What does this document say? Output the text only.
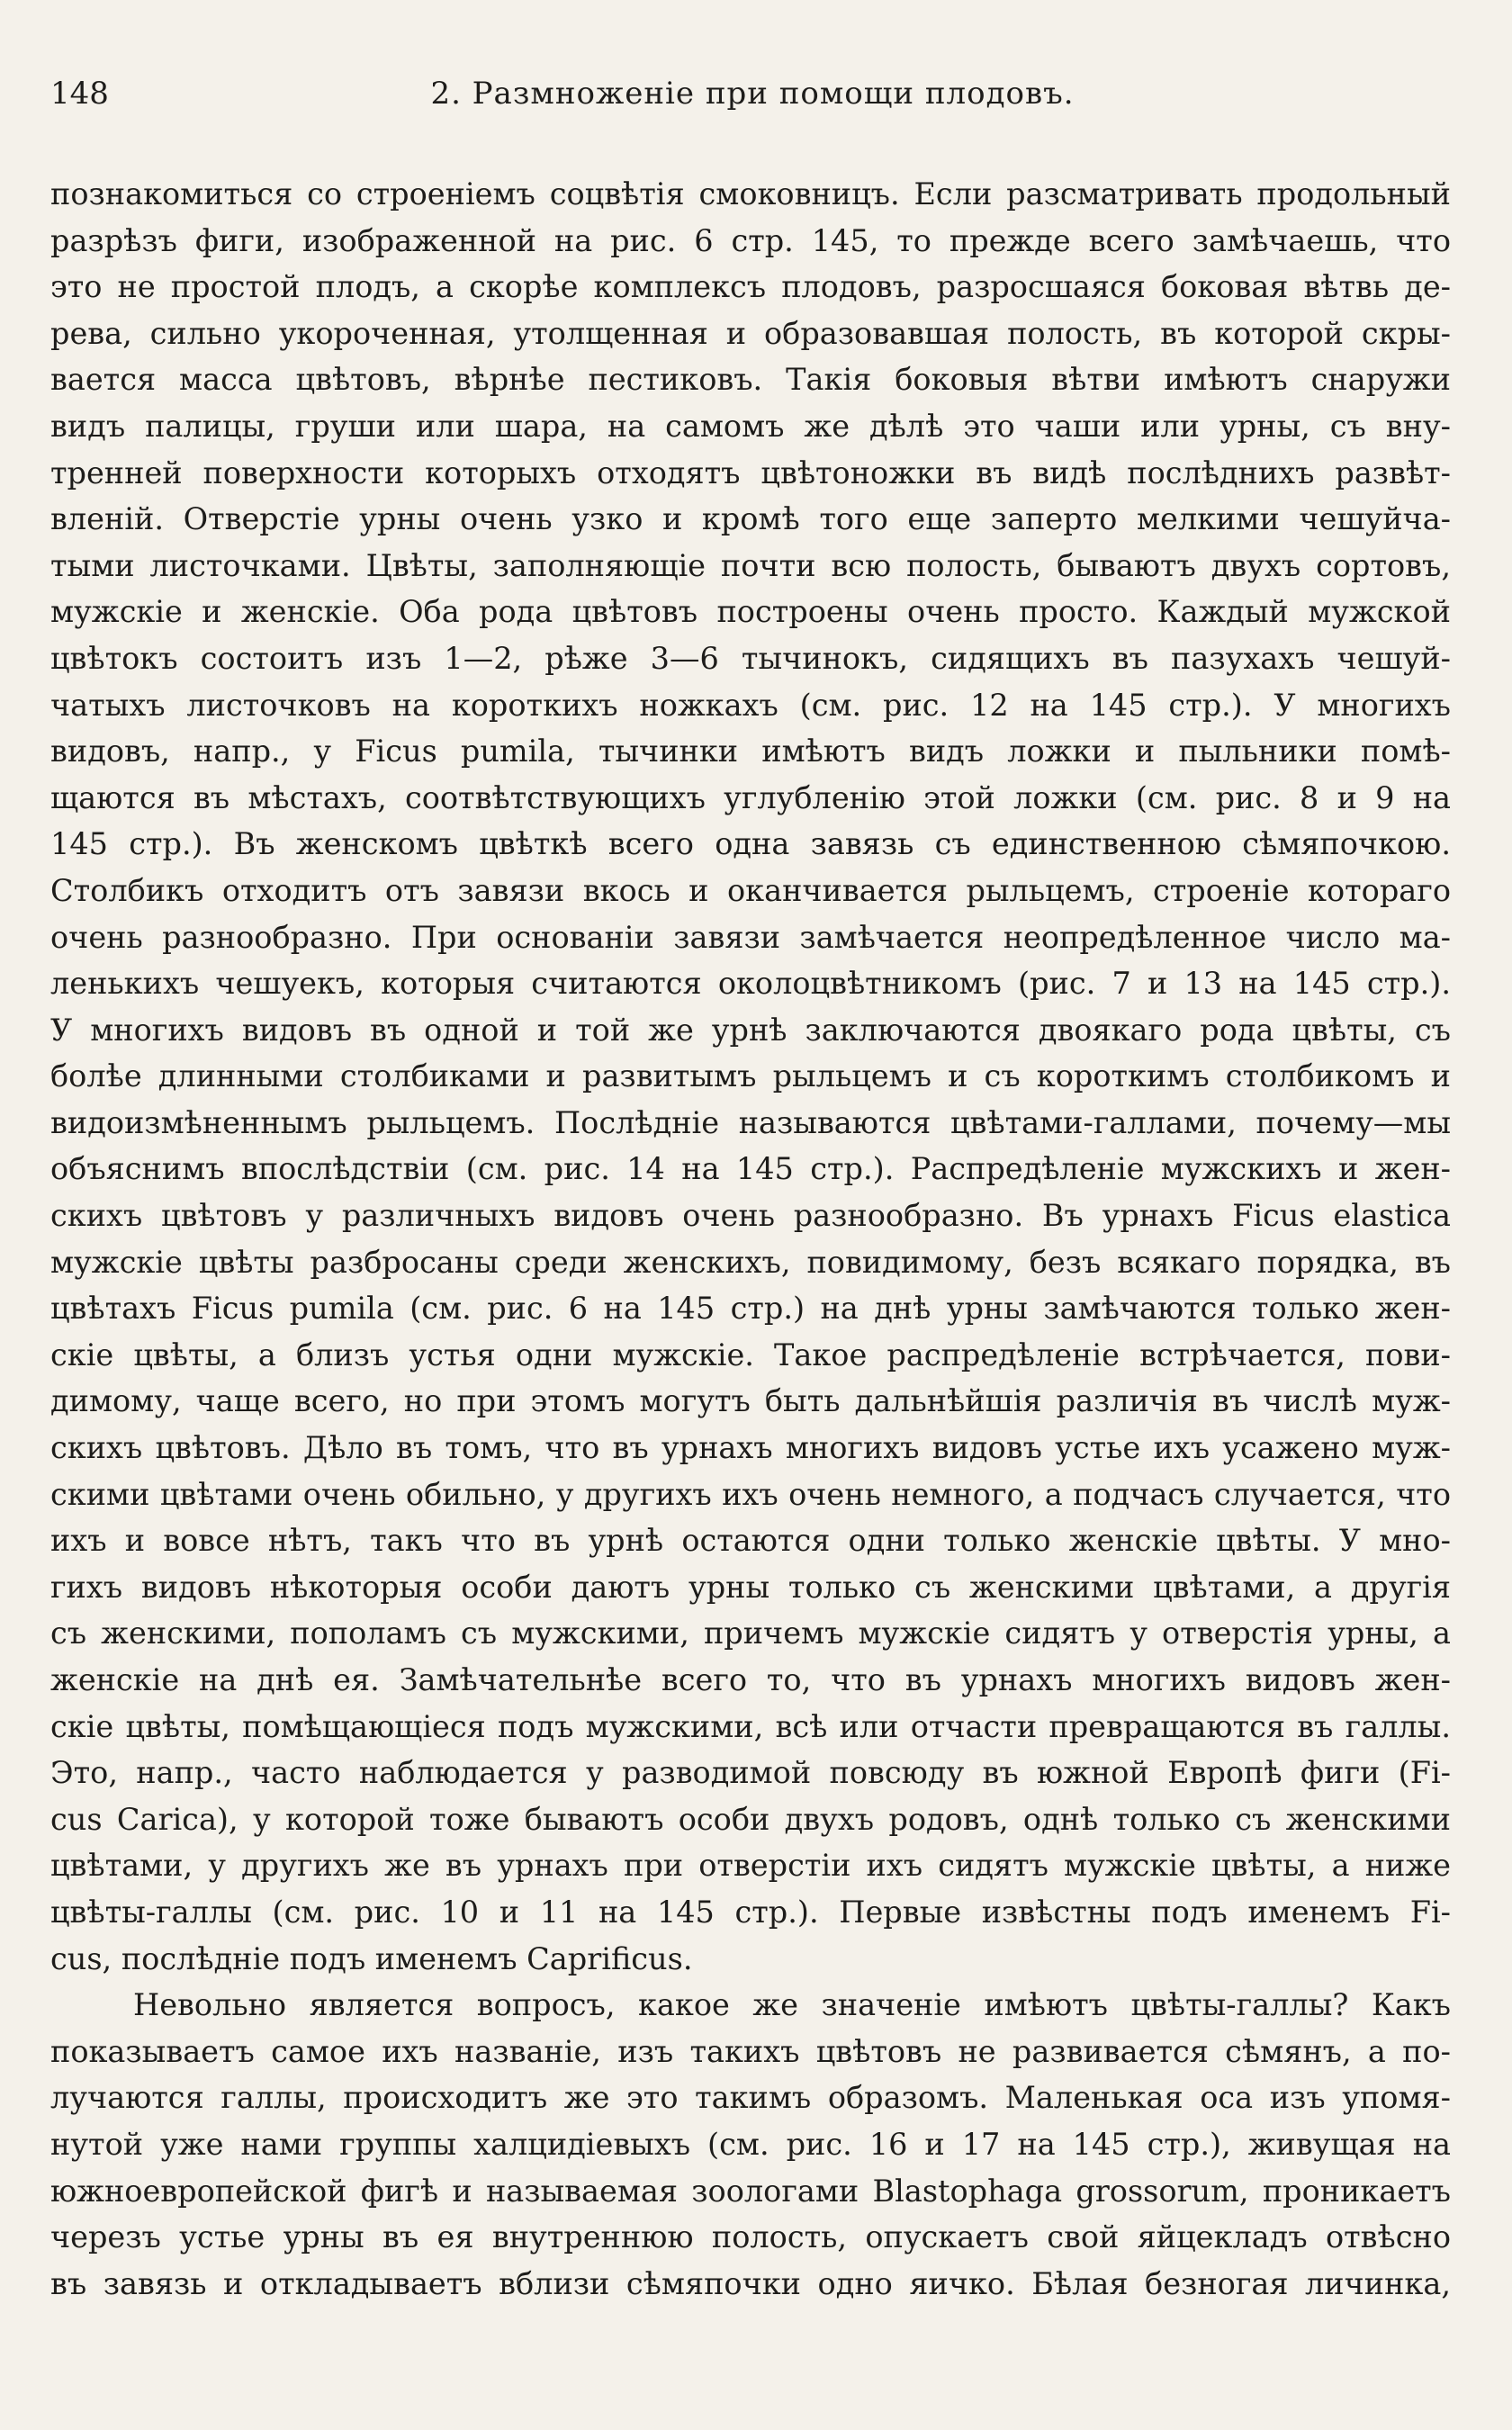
148	2. Размноженіе при помощи плодовъ.
познакомиться со строеніемъ соцвѣтія смоковницъ. Если разсматривать продольный
разрѣзъ фиги, изображенной на рис. 6 стр. 145, то прежде всего замѣчаешь, что
это не простой плодъ, а скорѣе комплексъ плодовъ, разросшаяся боковая вѣтвь де-
рева, сильно укороченная, утолщенная и образовавшая полость, въ которой скры-
вается масса цвѣтовъ, вѣрнѣе пестиковъ. Такія боковыя вѣтви имѣютъ снаружи
видъ палицы, груши или шара, на самомъ же дѣлѣ это чаши или урны, съ вну-
тренней поверхности которыхъ отходятъ цвѣтоножки въ видѣ послѣднихъ развѣт-
вленій. Отверстіе урны очень узко и кромѣ того еще заперто мелкими чешуйча-
тыми листочками. Цвѣты, заполняющіе почти всю полость, бываютъ двухъ сортовъ,
мужскіе и женскіе. Оба рода цвѣтовъ построены очень просто. Каждый мужской
цвѣтокъ состоитъ изъ 1—2, рѣже 3—6 тычинокъ, сидящихъ въ пазухахъ чешуй-
чатыхъ листочковъ на короткихъ ножкахъ (см. рис. 12 на 145 стр.). У многихъ
видовъ, напр., у Ficus pumila, тычинки имѣютъ видъ ложки и пыльники помѣ-
щаются въ мѣстахъ, соотвѣтствующихъ углубленію этой ложки (см. рис. 8 и 9 на
145 стр.). Въ женскомъ цвѣткѣ всего одна завязь съ единственною сѣмяпочкою.
Столбикъ отходитъ отъ завязи вкось и оканчивается рыльцемъ, строеніе котораго
очень разнообразно. При основаніи завязи замѣчается неопредѣленное число ма-
ленькихъ чешуекъ, которыя считаются околоцвѣтникомъ (рис. 7 и 13 на 145 стр.).
У многихъ видовъ въ одной и той же урнѣ заключаются двоякаго рода цвѣты, съ
болѣе длинными столбиками и развитымъ рыльцемъ и съ короткимъ столбикомъ и
видоизмѣненнымъ рыльцемъ. Послѣдніе называются цвѣтами-галлами, почему—мы
объяснимъ впослѣдствіи (см. рис. 14 на 145 стр.). Распредѣленіе мужскихъ и жен-
скихъ цвѣтовъ у различныхъ видовъ очень разнообразно. Въ урнахъ Ficus elastica
мужскіе цвѣты разбросаны среди женскихъ, повидимому, безъ всякаго порядка, въ
цвѣтахъ Ficus pumila (см. рис. 6 на 145 стр.) на днѣ урны замѣчаются только жен-
скіе цвѣты, а близъ устья одни мужскіе. Такое распредѣленіе встрѣчается, пови-
димому, чаще всего, но при этомъ могутъ быть дальнѣйшія различія въ числѣ муж-
скихъ цвѣтовъ. Дѣло въ томъ, что въ урнахъ многихъ видовъ устье ихъ усажено муж-
скими цвѣтами очень обильно, у другихъ ихъ очень немного, а подчасъ случается, что
ихъ и вовсе нѣтъ, такъ что въ урнѣ остаются одни только женскіе цвѣты. У мно-
гихъ видовъ нѣкоторыя особи даютъ урны только съ женскими цвѣтами, а другія
съ женскими, пополамъ съ мужскими, причемъ мужскіе сидятъ у отверстія урны, а
женскіе на днѣ ея. Замѣчательнѣе всего то, что въ урнахъ многихъ видовъ жен-
скіе цвѣты, помѣщающіеся подъ мужскими, всѣ или отчасти превращаются въ галлы.
Это, напр., часто наблюдается у разводимой повсюду въ южной Европѣ фиги (Fi-
cus Carica), у которой тоже бываютъ особи двухъ родовъ, однѣ только съ женскими
цвѣтами, у другихъ же въ урнахъ при отверстіи ихъ сидятъ мужскіе цвѣты, а ниже
цвѣты-галлы (см. рис. 10 и 11 на 145 стр.). Первые извѣстны подъ именемъ Fi-
cus, послѣдніе подъ именемъ Caprificus.
Невольно является вопросъ, какое же значеніе имѣютъ цвѣты-галлы? Какъ
показываетъ самое ихъ названіе, изъ такихъ цвѣтовъ не развивается сѣмянъ, а по-
лучаются галлы, происходитъ же это такимъ образомъ. Маленькая оса изъ упомя-
нутой уже нами группы халцидіевыхъ (см. рис. 16 и 17 на 145 стр.), живущая на
южноевропейской фигѣ и называемая зоологами Blastophaga grossorum, проникаетъ
черезъ устье урны въ ея внутреннюю полость, опускаетъ свой яйцекладъ отвѣсно
въ завязь и откладываетъ вблизи сѣмяпочки одно яичко. Бѣлая безногая личинка,
